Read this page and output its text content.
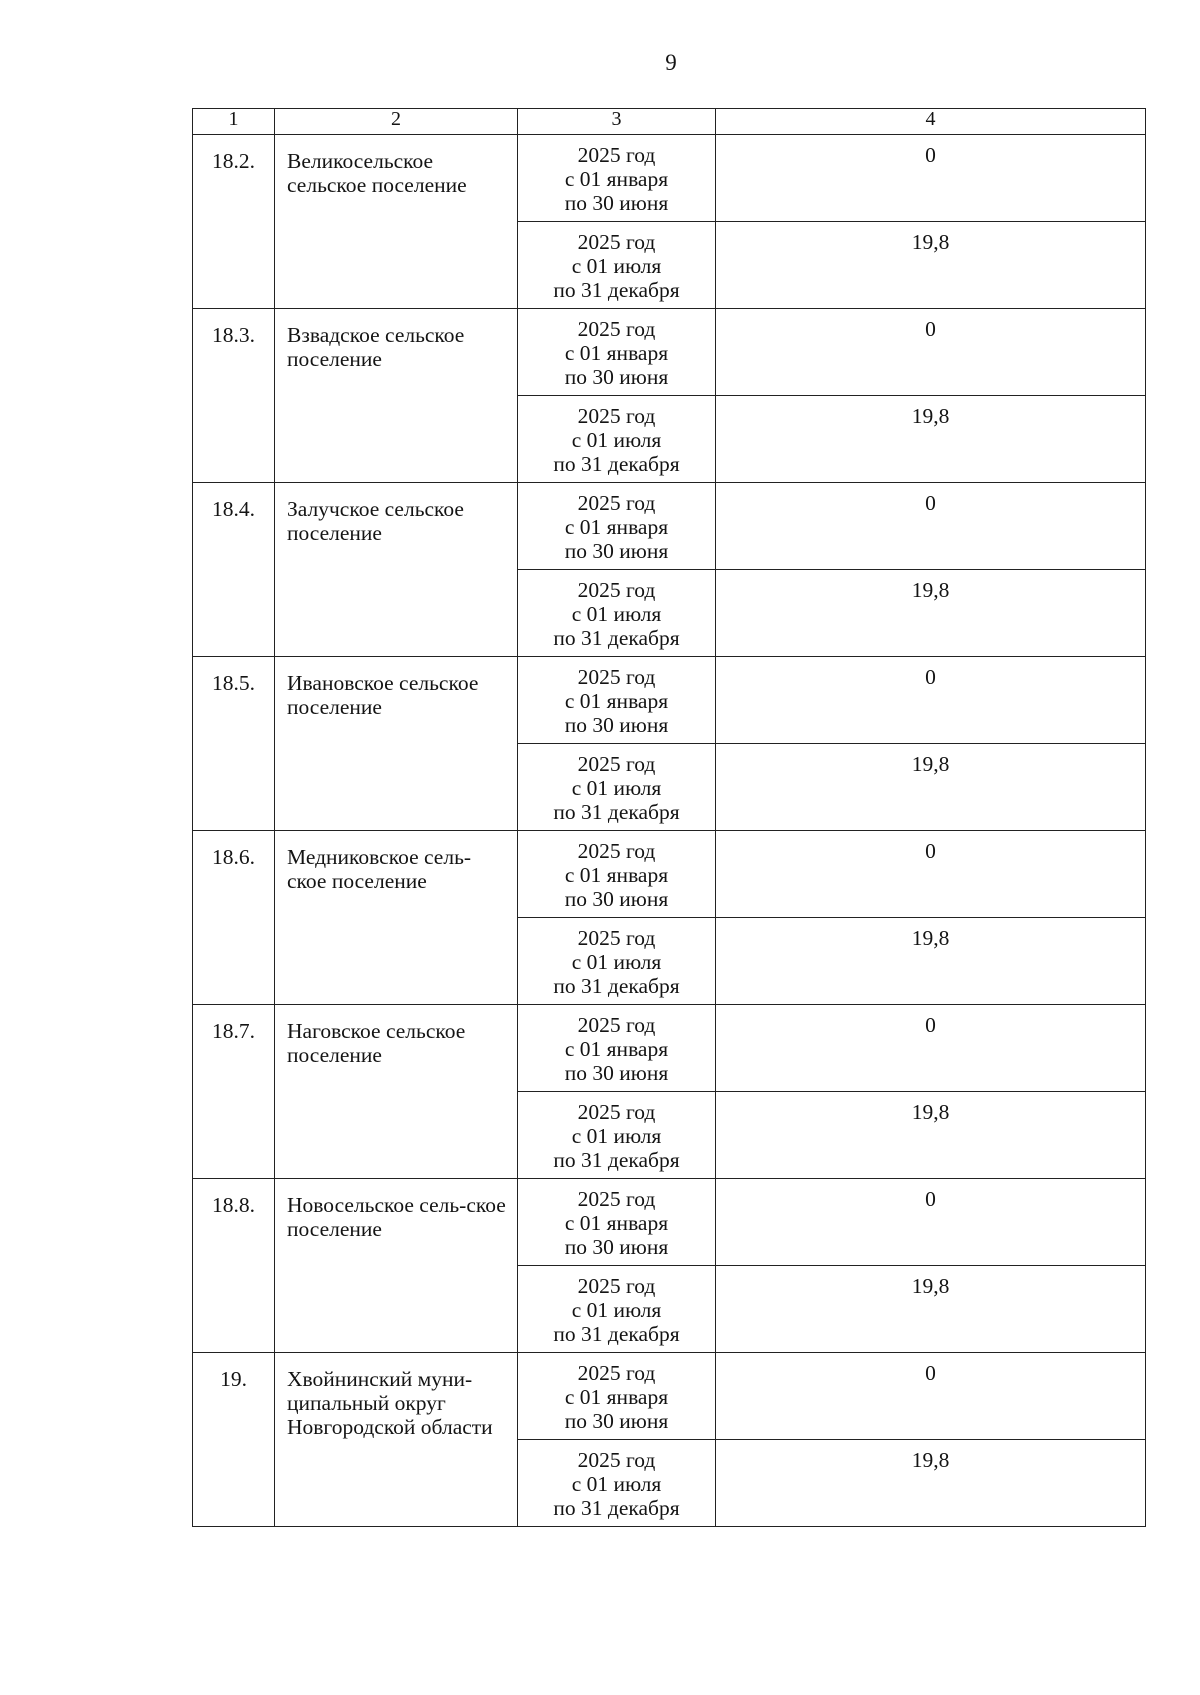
9
1	2	3	4
18.2.	Великосельское сельское поселение	2025 год
с 01 января
по 30 июня	0

		2025 год
с 01 июля
по 31 декабря	19,8
18.3.	Взвадское сельское поселение	2025 год
с 01 января
по 30 июня	0

		2025 год
с 01 июля
по 31 декабря	19,8
18.4.	Залучское сельское поселение	2025 год
с 01 января
по 30 июня	0

		2025 год
с 01 июля
по 31 декабря	19,8
18.5.	Ивановское сельское поселение	2025 год
с 01 января
по 30 июня	0

		2025 год
с 01 июля
по 31 декабря	19,8
18.6.	Медниковское сель-ское поселение	2025 год
с 01 января
по 30 июня	0

		2025 год
с 01 июля
по 31 декабря	19,8
18.7.	Наговское сельское поселение	2025 год
с 01 января
по 30 июня	0

		2025 год
с 01 июля
по 31 декабря	19,8
18.8.	Новосельское сель-ское поселение	2025 год
с 01 января
по 30 июня	0

		2025 год
с 01 июля
по 31 декабря	19,8
19.	Хвойнинский муни-ципальный округ Новгородской области	2025 год
с 01 января
по 30 июня	0

		2025 год
с 01 июля
по 31 декабря	19,8
